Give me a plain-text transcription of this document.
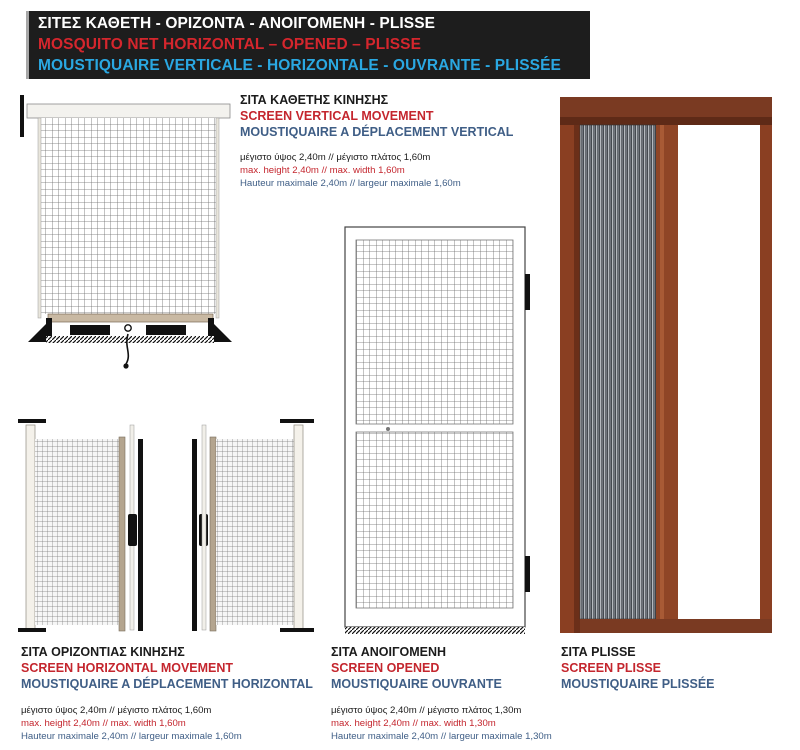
ΣΙΤΕΣ ΚΑΘΕΤΗ - ΟΡΙΖΟΝΤΑ - ΑΝΟΙΓΟΜΕΝΗ - PLISSE
MOSQUITO NET HORIZONTAL – OPENED – PLISSE
MOUSTIQUAIRE VERTICALE - HORIZONTALE - OUVRANTE - PLISSÉE
ΣΙΤΑ ΚΑΘΕΤΗΣ ΚΙΝΗΣΗΣ
SCREEN VERTICAL MOVEMENT
MOUSTIQUAIRE A DÉPLACEMENT VERTICAL
μέγιστο ύψος 2,40m // μέγιστο πλάτος 1,60m
max. height 2,40m // max. width 1,60m
Hauteur maximale 2,40m // largeur maximale 1,60m
ΣΙΤΑ ΟΡΙΖΟΝΤΙΑΣ ΚΙΝΗΣΗΣ
SCREEN HORIZONTAL MOVEMENT
MOUSTIQUAIRE A DÉPLACEMENT HORIZONTAL
μέγιστο ύψος 2,40m // μέγιστο πλάτος 1,60m
max. height 2,40m // max. width 1,60m
Hauteur maximale 2,40m // largeur maximale 1,60m
ΣΙΤΑ ΑΝΟΙΓΟΜΕΝΗ
SCREEN OPENED
MOUSTIQUAIRE OUVRANTE
μέγιστο ύψος 2,40m // μέγιστο πλάτος 1,30m
max. height 2,40m // max. width 1,30m
Hauteur maximale 2,40m // largeur maximale 1,30m
ΣΙΤΑ PLISSE
SCREEN PLISSE
MOUSTIQUAIRE PLISSÉE
